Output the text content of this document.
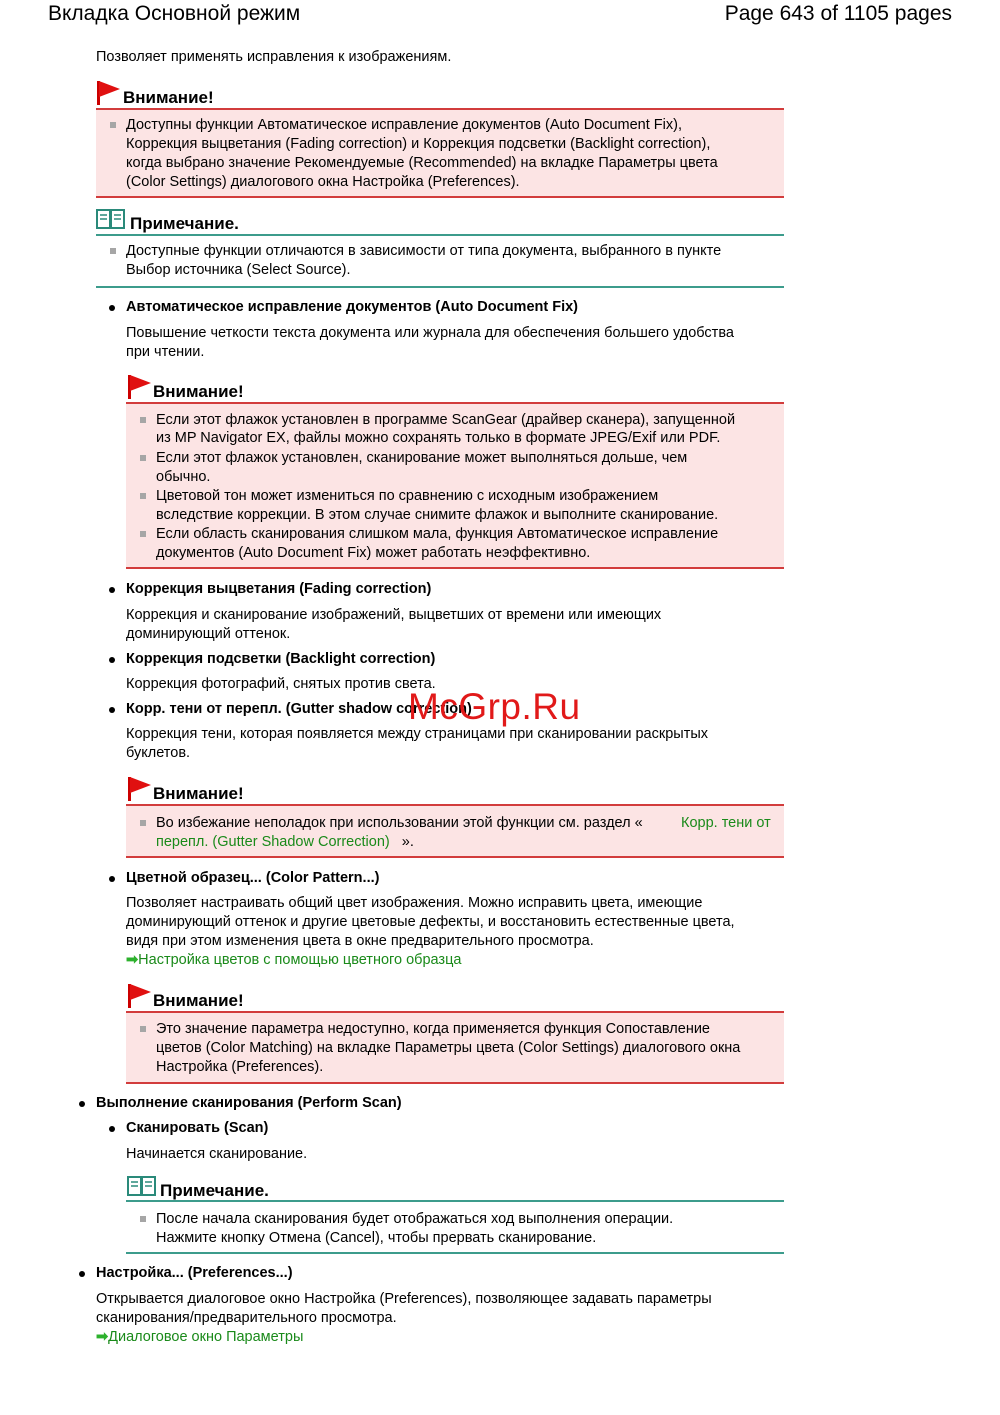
Вкладка Основной режим	Page 643 of 1105 pages
Позволяет применять исправления к изображениям.
Внимание!
Доступны функции Автоматическое исправление документов (Auto Document Fix),
Коррекция выцветания (Fading correction) и Коррекция подсветки (Backlight correction),
когда выбрано значение Рекомендуемые (Recommended) на вкладке Параметры цвета
(Color Settings) диалогового окна Настройка (Preferences).
Примечание.
Доступные функции отличаются в зависимости от типа документа, выбранного в пункте
Выбор источника (Select Source).
Автоматическое исправление документов (Auto Document Fix)
Повышение четкости текста документа или журнала для обеспечения большего удобства
при чтении.
Внимание!
Если этот флажок установлен в программе ScanGear (драйвер сканера), запущенной
из MP Navigator EX, файлы можно сохранять только в формате JPEG/Exif или PDF.
Если этот флажок установлен, сканирование может выполняться дольше, чем
обычно.
Цветовой тон может измениться по сравнению с исходным изображением
вследствие коррекции. В этом случае снимите флажок и выполните сканирование.
Если область сканирования слишком мала, функция Автоматическое исправление
документов (Auto Document Fix) может работать неэффективно.
Коррекция выцветания (Fading correction)
Коррекция и сканирование изображений, выцветших от времени или имеющих
доминирующий оттенок.
Коррекция подсветки (Backlight correction)
Коррекция фотографий, снятых против света.
Корр. тени от перепл. (Gutter shadow correction)
Коррекция тени, которая появляется между страницами при сканировании раскрытых
буклетов.
Внимание!
Во избежание неполадок при использовании этой функции см. раздел «	Корр. тени от
перепл. (Gutter Shadow Correction) ».
Цветной образец... (Color Pattern...)
Позволяет настраивать общий цвет изображения. Можно исправить цвета, имеющие
доминирующий оттенок и другие цветовые дефекты, и восстановить естественные цвета,
видя при этом изменения цвета в окне предварительного просмотра.
➡Настройка цветов с помощью цветного образца
Внимание!
Это значение параметра недоступно, когда применяется функция Сопоставление
цветов (Color Matching) на вкладке Параметры цвета (Color Settings) диалогового окна
Настройка (Preferences).
Выполнение сканирования (Perform Scan)
Сканировать (Scan)
Начинается сканирование.
Примечание.
После начала сканирования будет отображаться ход выполнения операции.
Нажмите кнопку Отмена (Cancel), чтобы прервать сканирование.
Настройка... (Preferences...)
Открывается диалоговое окно Настройка (Preferences), позволяющее задавать параметры
сканирования/предварительного просмотра.
➡Диалоговое окно Параметры
McGrp.Ru
